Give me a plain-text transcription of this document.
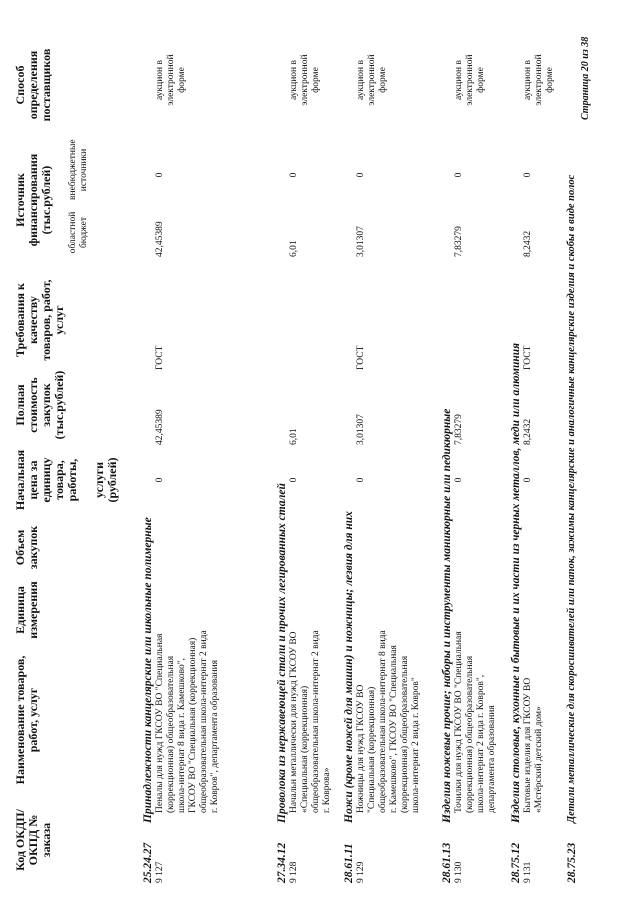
Код ОКДП/ ОКПД № заказа
Наименование товаров, работ, услуг
Единица измерения
Объем закупок
Начальная цена за единицу товара, работы, услуги (рублей)
Полная стоимость закупок (тыс.рублей)
Требования к качеству товаров, работ, услуг
Источник финансирования (тыс.рублей) областной бюджет
внебюджетные источники
Способ определения поставщиков
25.24.27
Принадлежности канцелярские или школьные полимерные
9 127
Пеналы для нужд ГКСОУ ВО "Специальная (коррекционная) общеобразовательная школа-интернат 8 вида г. Камешково", ГКСОУ ВО "Специальная (коррекционная) общеобразовательная школа-интернат 2 вида г. Ковров", департамента образования
0
42,45389
ГОСТ
42,45389
0
аукцион в электронной форме
27.34.12
Проволока из нержавеющей стали и прочих легированных сталей
9 128
Начальн металлически для нужд ГКСОУ ВО «Специальная (коррекционная) общеобразовательная школа-интернат 2 вида г. Коврова»
0
6,01
6,01
0
аукцион в электронной форме
28.61.11
Ножи (кроме ножей для машин) и ножницы; лезвия для них
9 129
Ножницы для нужд ГКСОУ ВО "Специальная (коррекционная) общеобразовательная школа-интернат 8 вида г. Камешково", ГКСОУ ВО "Специальная (коррекционная) общеобразовательная школа-интернат 2 вида г. Ковров"
0
3,01307
ГОСТ
3,01307
0
аукцион в электронной форме
28.61.13
Изделия ножевые прочие; наборы и инструменты маникюрные или педикюрные
9 130
Точилки для нужд ГКСОУ ВО "Специальная (коррекционная) общеобразовательная школа-интернат 2 вида г. Ковров", департамента образования
0
7,83279
7,83279
0
аукцион в электронной форме
28.75.12
Изделия столовые, кухонные и бытовые и их части из черных металлов, меди или алюминия
9 131
Бытовые изделия для ГКСОУ ВО «Мстёрский детский дом»
0
8,2432
ГОСТ
8,2432
0
аукцион в электронной форме
28.75.23
Детали металлические для скоросшивателей или папок, зажимы канцелярские и аналогичные канцелярские изделия и скобы в виде полос
Страница 20 из 38
